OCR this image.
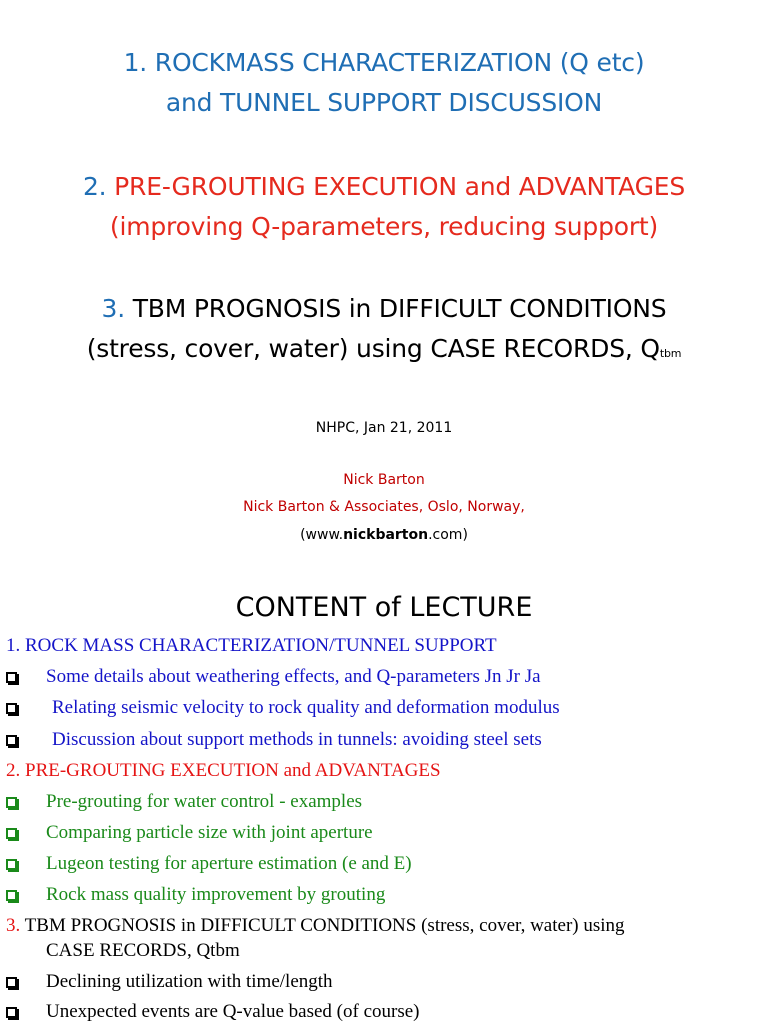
1. ROCKMASS CHARACTERIZATION (Q etc)
and TUNNEL SUPPORT DISCUSSION
2. PRE-GROUTING EXECUTION and ADVANTAGES
(improving Q-parameters, reducing support)
3. TBM PROGNOSIS in DIFFICULT CONDITIONS
(stress, cover, water) using CASE RECORDS, Qtbm
NHPC, Jan 21, 2011
Nick Barton
Nick Barton & Associates, Oslo, Norway,
(www.nickbarton.com)
CONTENT of LECTURE
1. ROCK MASS CHARACTERIZATION/TUNNEL SUPPORT
Some details about weathering effects, and Q-parameters Jn Jr Ja
Relating seismic velocity to rock quality and deformation modulus
Discussion about support methods in tunnels: avoiding steel sets
2. PRE-GROUTING EXECUTION and ADVANTAGES
Pre-grouting for water control - examples
Comparing particle size with joint aperture
Lugeon testing for aperture estimation (e and E)
Rock mass quality improvement by grouting
3. TBM PROGNOSIS in DIFFICULT CONDITIONS (stress, cover, water) using
CASE RECORDS, Qtbm
Declining utilization with time/length
Unexpected events are Q-value based (of course)
